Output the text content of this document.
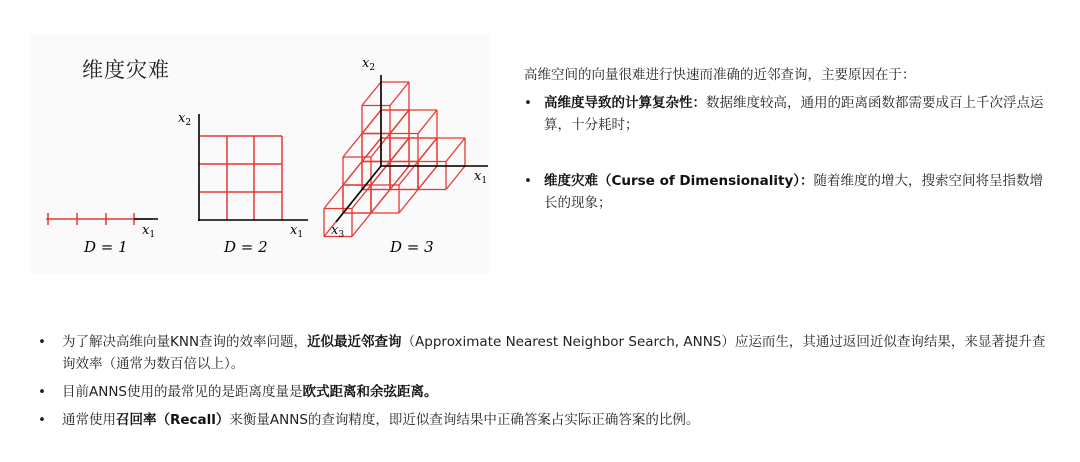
维度灾难
$x_1$
D = 1
$x_2$
$x_1$
D = 2
$x_2$
$x_1$
$x_3$
D = 3

高维空间的向量很难进行快速而准确的近邻查询，主要原因在于：

• 高维度导致的计算复杂性：数据维度较高，通用的距离函数都需要成百上千次浮点运算，十分耗时；
• 维度灾难（Curse of Dimensionality）：随着维度的增大，搜索空间将呈指数增长的现象；
• 为了解决高维向量KNN查询的效率问题，近似最近邻查询（Approximate Nearest Neighbor Search, ANNS）应运而生，其通过返回近似查询结果，来显著提升查询效率（通常为数百倍以上）。
• 目前ANNS使用的最常见的是距离度量是欧式距离和余弦距离。
• 通常使用召回率（Recall）来衡量ANNS的查询精度，即近似查询结果中正确答案占实际正确答案的比例。
